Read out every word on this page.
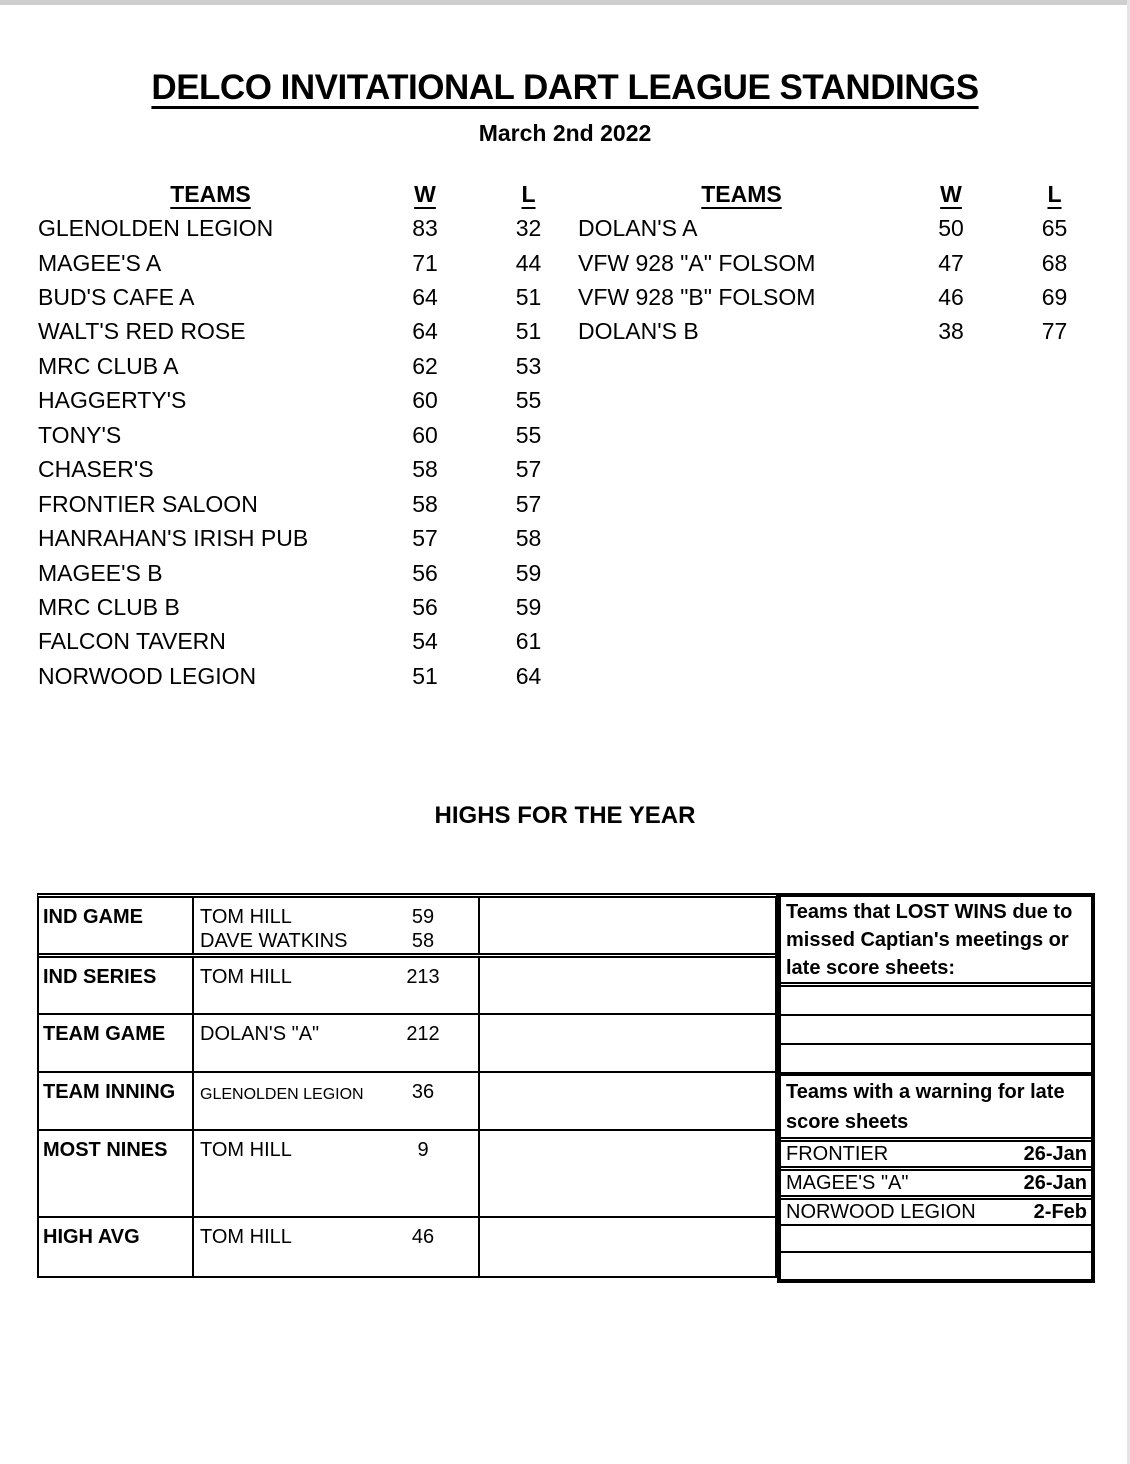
DELCO INVITATIONAL DART LEAGUE STANDINGS
March 2nd 2022
TEAMS	W	L
GLENOLDEN LEGION	83	32
MAGEE'S A	71	44
BUD'S CAFE A	64	51
WALT'S RED ROSE	64	51
MRC CLUB A	62	53
HAGGERTY'S	60	55
TONY'S	60	55
CHASER'S	58	57
FRONTIER SALOON	58	57
HANRAHAN'S IRISH PUB	57	58
MAGEE'S B	56	59
MRC CLUB B	56	59
FALCON TAVERN	54	61
NORWOOD LEGION	51	64
TEAMS	W	L
DOLAN'S A	50	65
VFW 928 "A" FOLSOM	47	68
VFW 928 "B" FOLSOM	46	69
DOLAN'S B	38	77
HIGHS FOR THE YEAR
IND GAME	TOM HILL	59
DAVE WATKINS	58
IND SERIES	TOM HILL	213
TEAM GAME	DOLAN'S "A"	212
TEAM INNING	GLENOLDEN LEGION	36
MOST NINES	TOM HILL	9
HIGH AVG	TOM HILL	46
Teams that LOST WINS due to missed Captian's meetings or late score sheets:
Teams with a warning for late score sheets
FRONTIER	26-Jan
MAGEE'S "A"	26-Jan
NORWOOD LEGION	2-Feb
